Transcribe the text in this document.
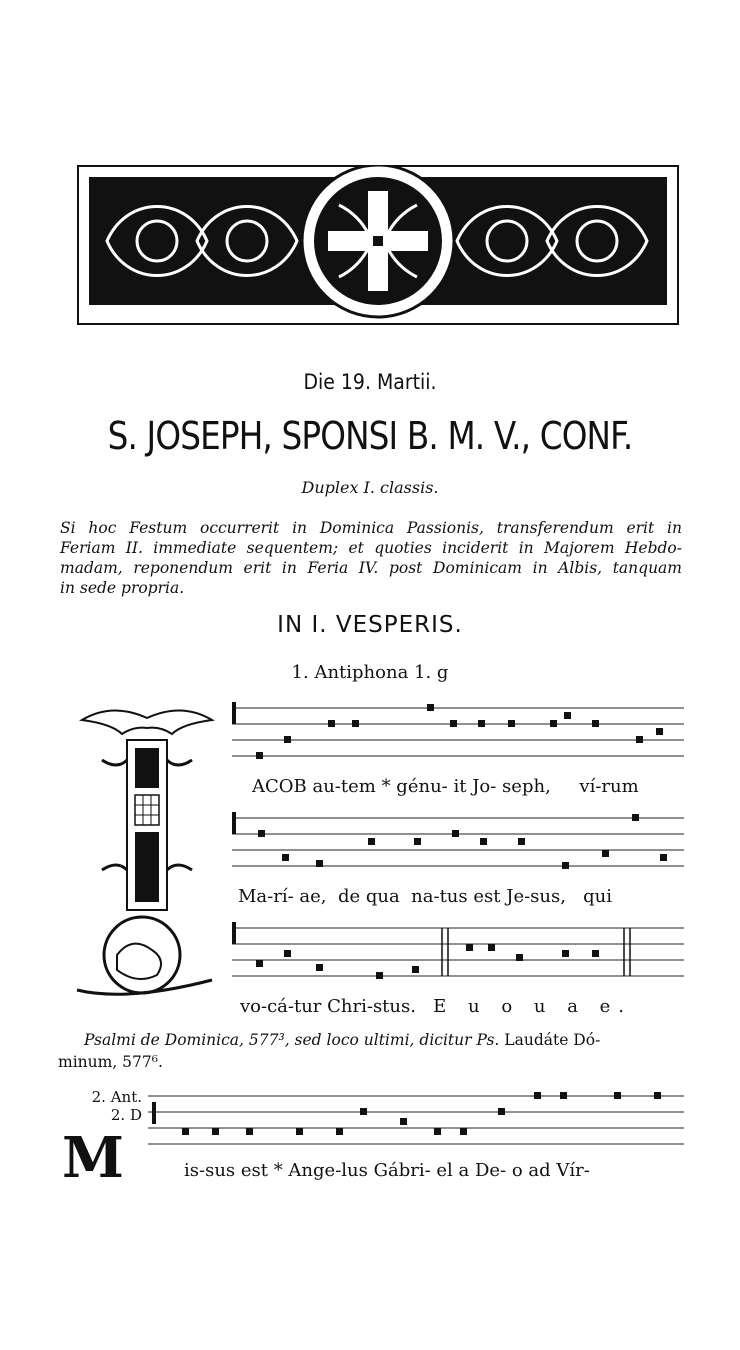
Die 19. Martii.
S. JOSEPH, SPONSI B. M. V., CONF.
Duplex I. classis.
Si hoc Festum occurrerit in Dominica Passionis, transferendum erit in
Feriam II. immediate sequentem; et quoties inciderit in Majorem Hebdo-
madam, reponendum erit in Feria IV. post Dominicam in Albis, tanquam
in sede propria.
IN I. VESPERIS.
1. Antiphona 1. g
ACOB au-tem * génu- it Jo- seph, ví-rum
Ma-rí- ae, de qua na-tus est Je-sus, qui
vo-cá-tur Chri-stus. E u o u a e.
Psalmi de Dominica, 577³, sed loco ultimi, dicitur Ps. Laudáte Dó-
minum, 577⁶.
2. Ant.
2. D
M	is-sus est * Ange-lus Gábri- el a De- o ad Vír-
